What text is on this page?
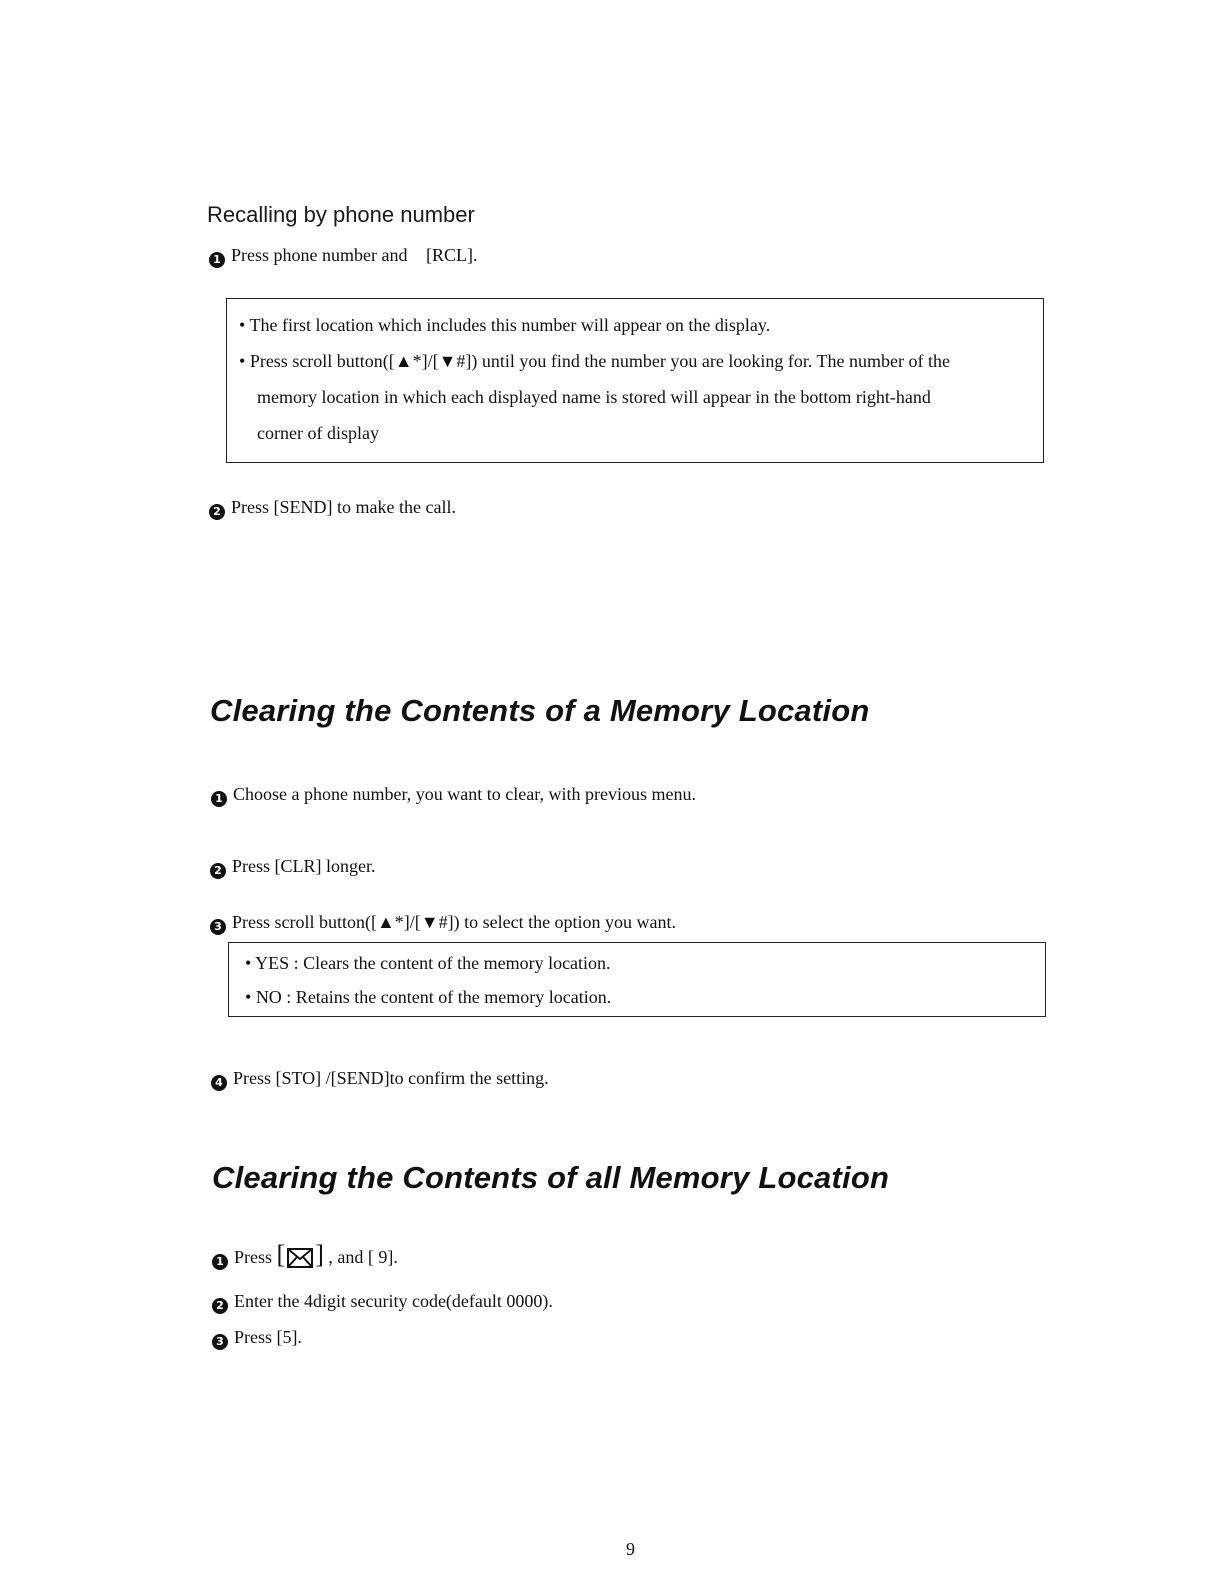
Recalling by phone number
1 Press phone number and [RCL].
• The first location which includes this number will appear on the display.
• Press scroll button([▲*]/[▼#]) until you find the number you are looking for. The number of the
memory location in which each displayed name is stored will appear in the bottom right-hand
corner of display
2 Press [SEND] to make the call.
Clearing the Contents of a Memory Location
1 Choose a phone number, you want to clear, with previous menu.
2 Press [CLR] longer.
3 Press scroll button([▲*]/[▼#]) to select the option you want.
• YES : Clears the content of the memory location.
• NO : Retains the content of the memory location.
4 Press [STO] /[SEND]to confirm the setting.
Clearing the Contents of all Memory Location
1 Press [ ] , and [ 9].
2 Enter the 4digit security code(default 0000).
3 Press [5].
9
